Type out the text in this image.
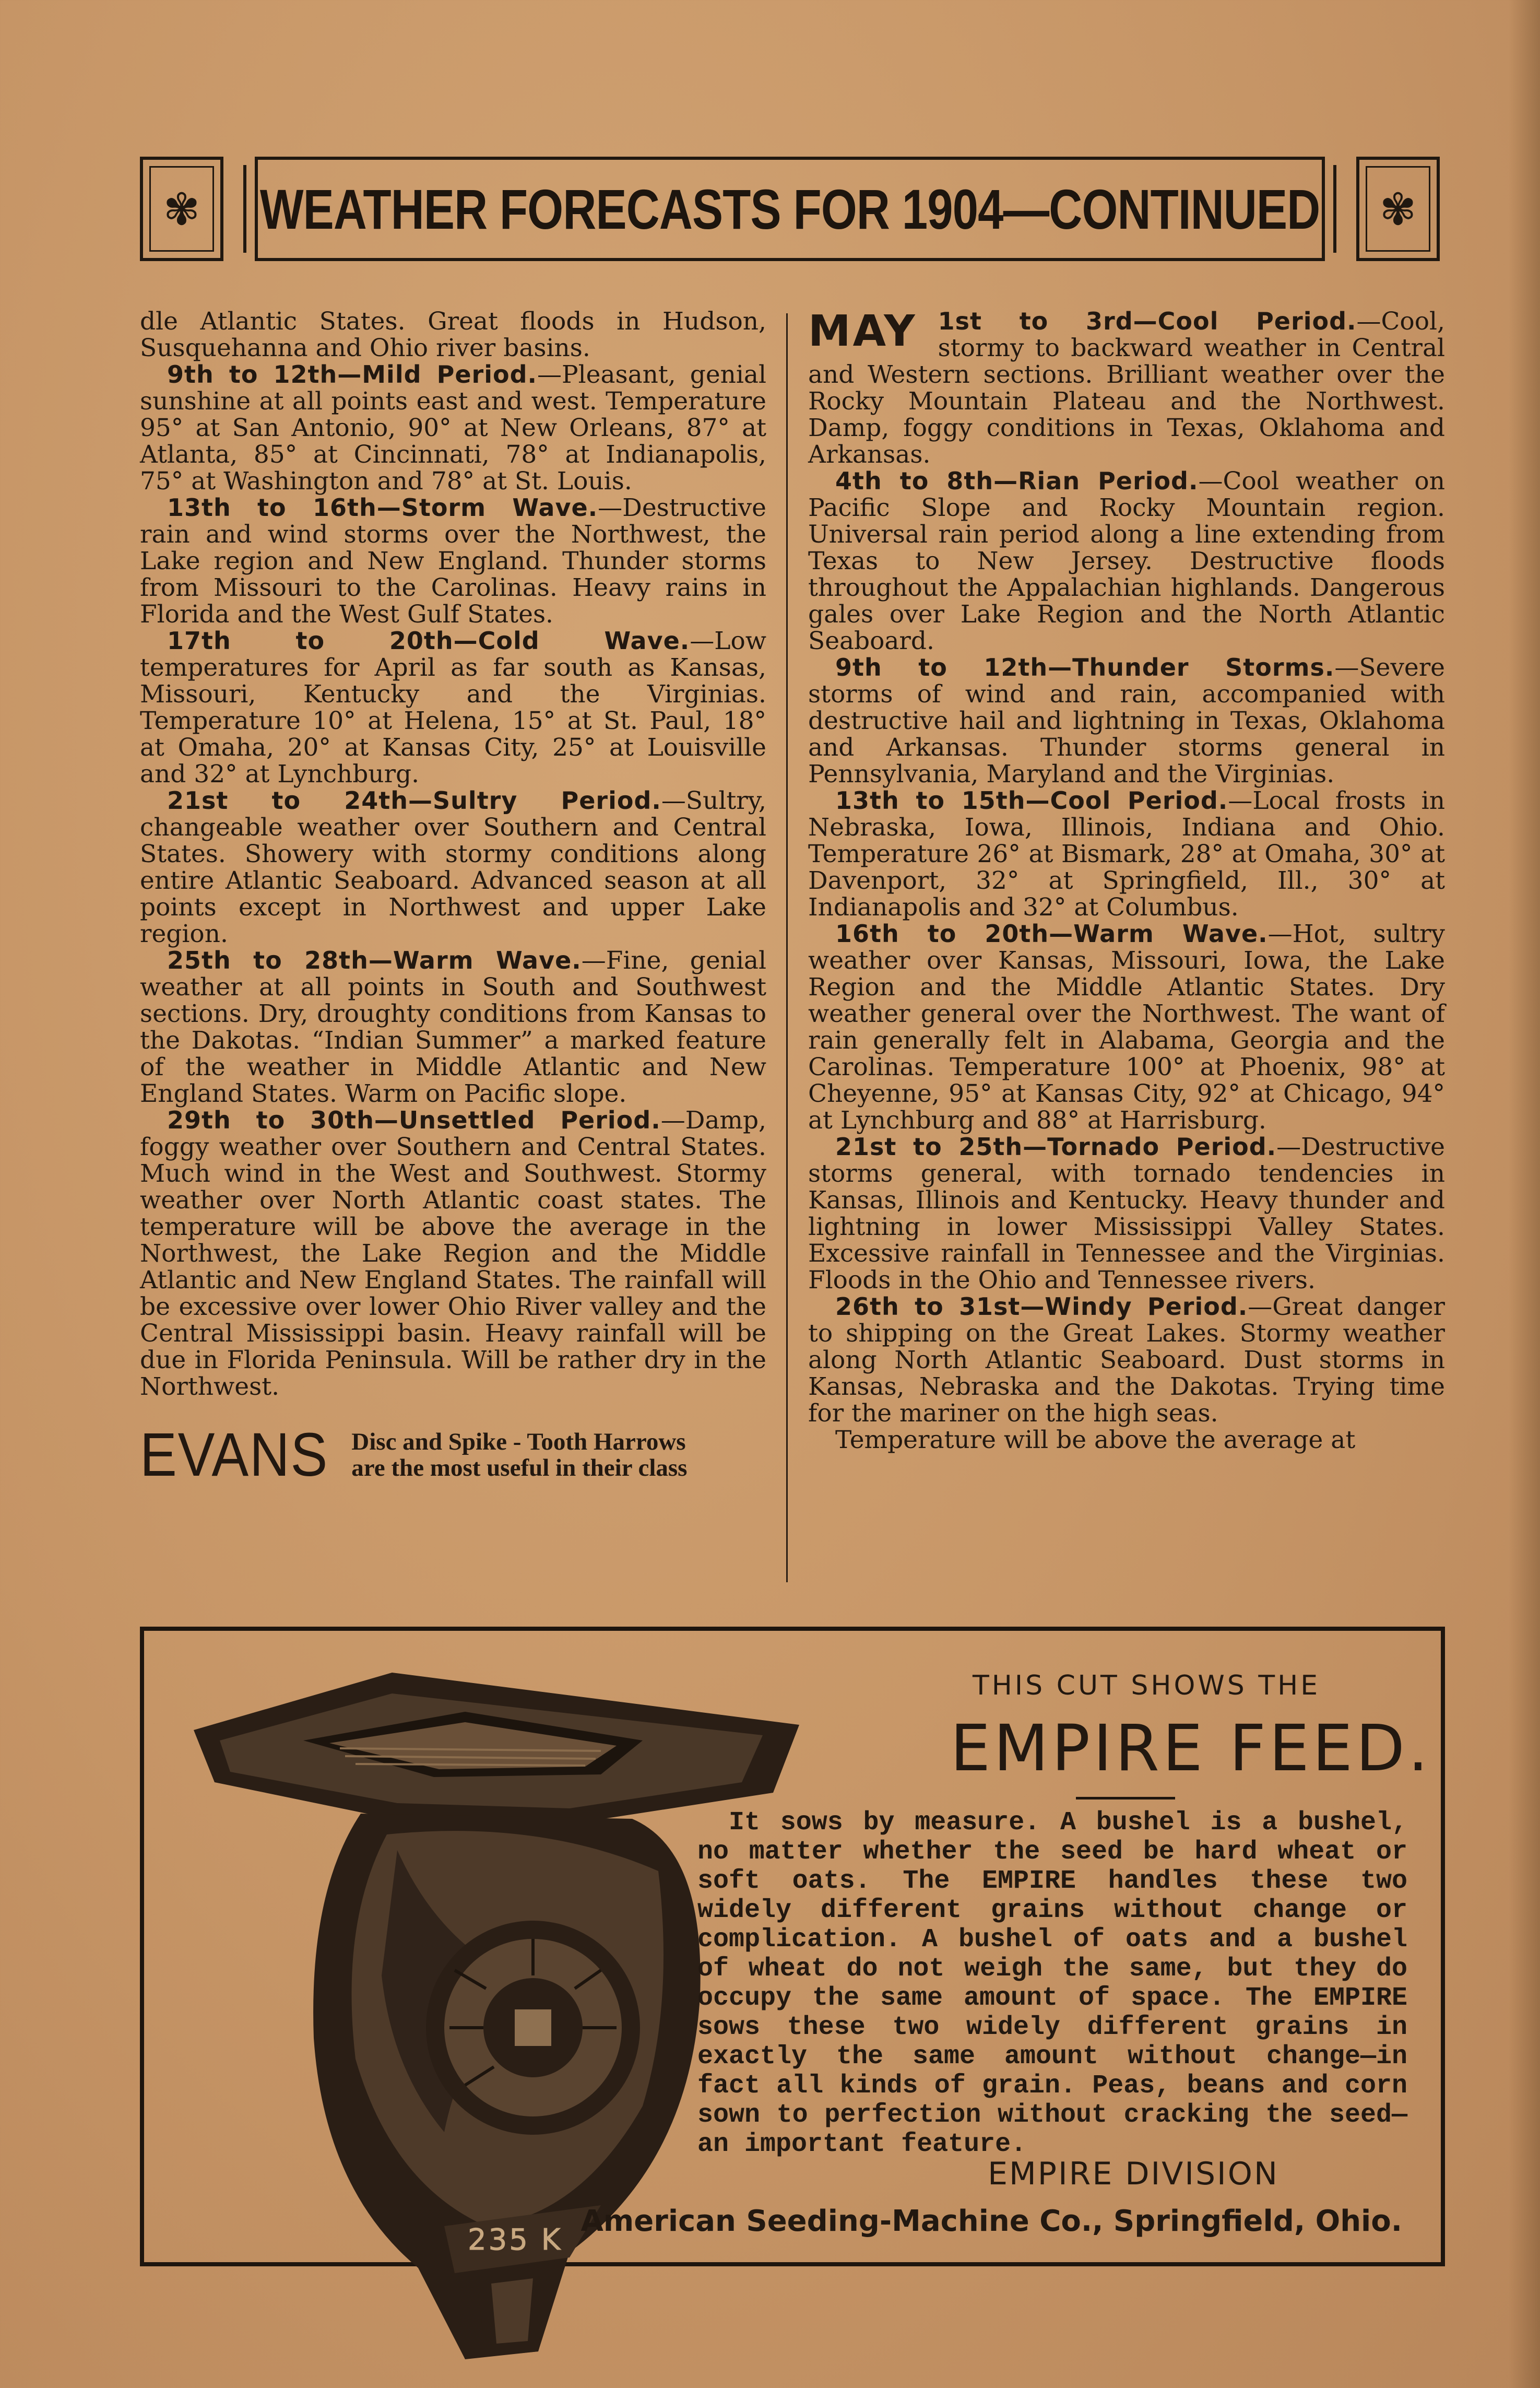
✾	WEATHER FORECASTS FOR 1904—CONTINUED	✾

dle Atlantic States. Great floods in Hudson, Susquehanna and Ohio river basins.

9th to 12th—Mild Period.—Pleasant, genial sunshine at all points east and west. Temperature 95° at San Antonio, 90° at New Orleans, 87° at Atlanta, 85° at Cincinnati, 78° at Indianapolis, 75° at Washington and 78° at St. Louis.

13th to 16th—Storm Wave.—Destructive rain and wind storms over the Northwest, the Lake region and New England. Thunder storms from Missouri to the Carolinas. Heavy rains in Florida and the West Gulf States.

17th to 20th—Cold Wave.—Low temperatures for April as far south as Kansas, Missouri, Kentucky and the Virginias. Temperature 10° at Helena, 15° at St. Paul, 18° at Omaha, 20° at Kansas City, 25° at Louisville and 32° at Lynchburg.

21st to 24th—Sultry Period.—Sultry, changeable weather over Southern and Central States. Showery with stormy conditions along entire Atlantic Seaboard. Advanced season at all points except in Northwest and upper Lake region.

25th to 28th—Warm Wave.—Fine, genial weather at all points in South and Southwest sections. Dry, droughty conditions from Kansas to the Dakotas. “Indian Summer” a marked feature of the weather in Middle Atlantic and New England States. Warm on Pacific slope.

29th to 30th—Unsettled Period.—Damp, foggy weather over Southern and Central States. Much wind in the West and Southwest. Stormy weather over North Atlantic coast states. The temperature will be above the average in the Northwest, the Lake Region and the Middle Atlantic and New England States. The rainfall will be excessive over lower Ohio River valley and the Central Mississippi basin. Heavy rainfall will be due in Florida Peninsula. Will be rather dry in the Northwest.

EVANS Disc and Spike - Tooth Harrows
are the most useful in their class
MAY 1st to 3rd—Cool Period.—Cool, stormy to backward weather in Central and Western sections. Brilliant weather over the Rocky Mountain Plateau and the Northwest. Damp, foggy conditions in Texas, Oklahoma and Arkansas.

4th to 8th—Rian Period.—Cool weather on Pacific Slope and Rocky Mountain region. Universal rain period along a line extending from Texas to New Jersey. Destructive floods throughout the Appalachian highlands. Dangerous gales over Lake Region and the North Atlantic Seaboard.

9th to 12th—Thunder Storms.—Severe storms of wind and rain, accompanied with destructive hail and lightning in Texas, Oklahoma and Arkansas. Thunder storms general in Pennsylvania, Maryland and the Virginias.

13th to 15th—Cool Period.—Local frosts in Nebraska, Iowa, Illinois, Indiana and Ohio. Temperature 26° at Bismark, 28° at Omaha, 30° at Davenport, 32° at Springfield, Ill., 30° at Indianapolis and 32° at Columbus.

16th to 20th—Warm Wave.—Hot, sultry weather over Kansas, Missouri, Iowa, the Lake Region and the Middle Atlantic States. Dry weather general over the Northwest. The want of rain generally felt in Alabama, Georgia and the Carolinas. Temperature 100° at Phoenix, 98° at Cheyenne, 95° at Kansas City, 92° at Chicago, 94° at Lynchburg and 88° at Harrisburg.

21st to 25th—Tornado Period.—Destructive storms general, with tornado tendencies in Kansas, Illinois and Kentucky. Heavy thunder and lightning in lower Mississippi Valley States. Excessive rainfall in Tennessee and the Virginias. Floods in the Ohio and Tennessee rivers.

26th to 31st—Windy Period.—Great danger to shipping on the Great Lakes. Stormy weather along North Atlantic Seaboard. Dust storms in Kansas, Nebraska and the Dakotas. Trying time for the mariner on the high seas.

Temperature will be above the average at

235 K
THIS CUT SHOWS THE
EMPIRE FEED.
It sows by measure. A bushel is a bushel, no matter whether the seed be hard wheat or soft oats. The EMPIRE handles these two widely different grains without change or complication. A bushel of oats and a bushel of wheat do not weigh the same, but they do occupy the same amount of space. The EMPIRE sows these two widely different grains in exactly the same amount without change—in fact all kinds of grain. Peas, beans and corn sown to perfection without cracking the seed—an important feature.
EMPIRE DIVISION
American Seeding-Machine Co., Springfield, Ohio.
